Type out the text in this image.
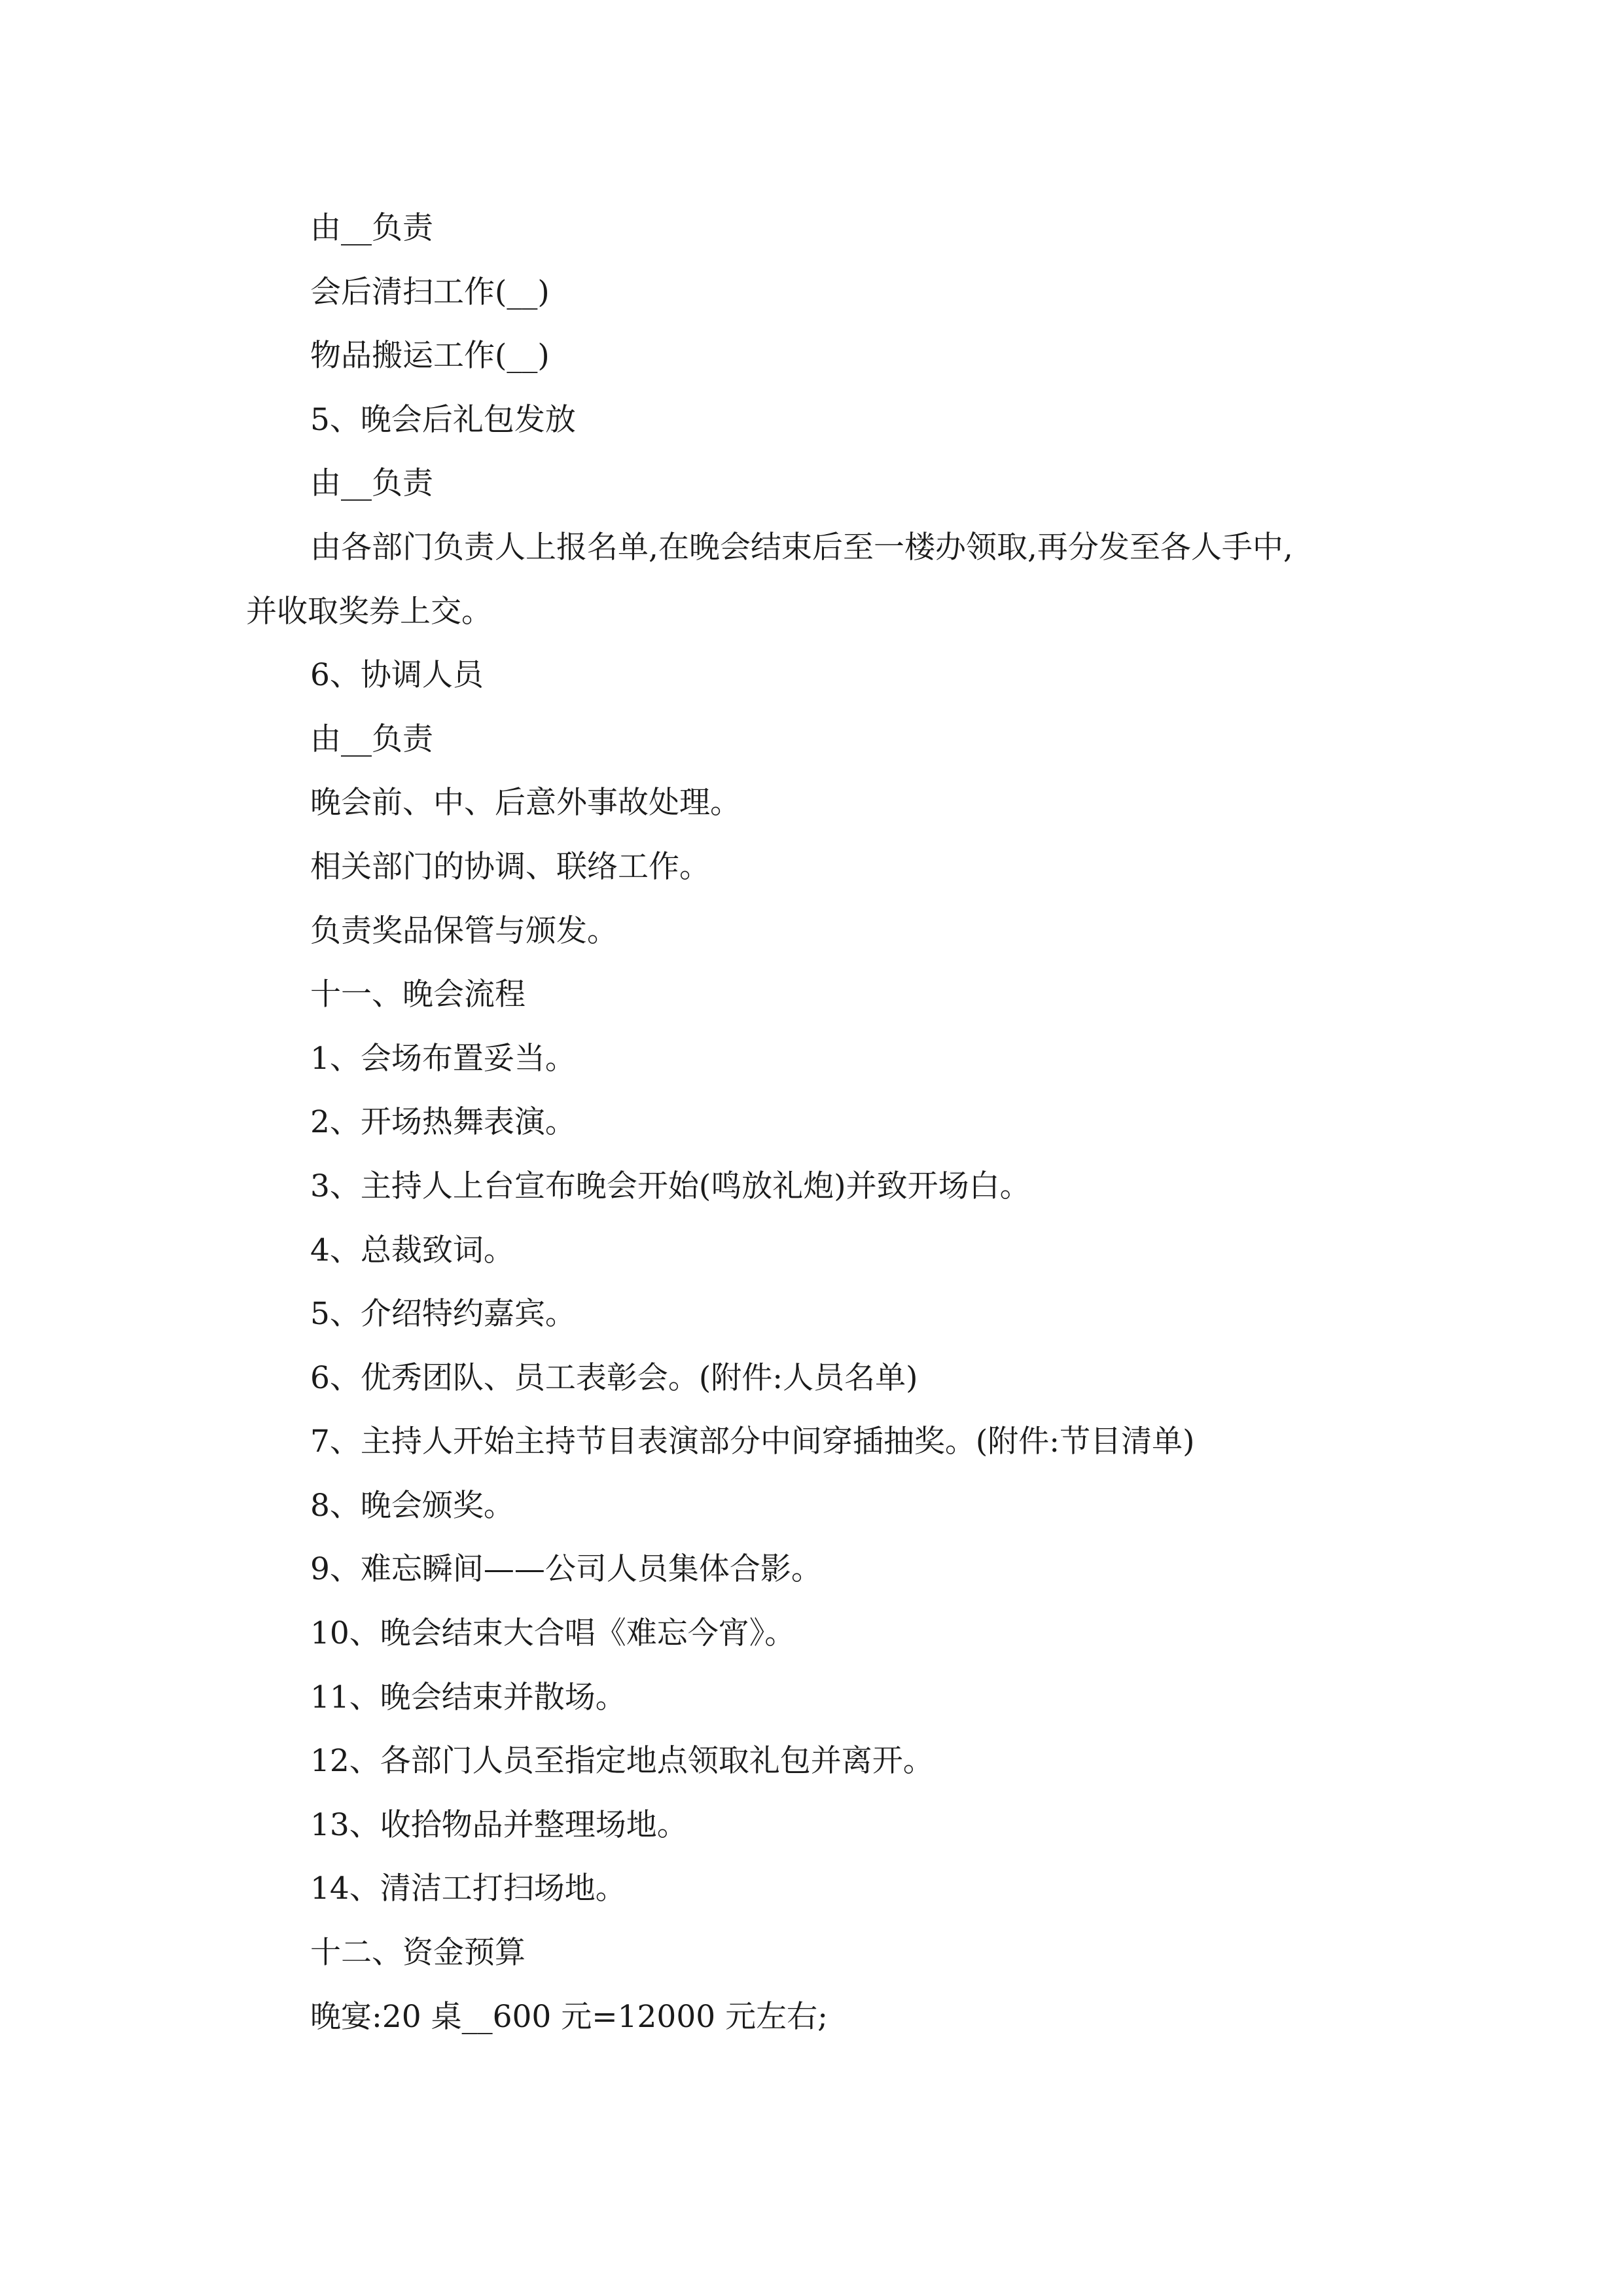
由__负责
会后清扫工作(__)
物品搬运工作(__)
5、晚会后礼包发放
由__负责
由各部门负责人上报名单,在晚会结束后至一楼办领取,再分发至各人手中,
并收取奖券上交。
6、协调人员
由__负责
晚会前、中、后意外事故处理。
相关部门的协调、联络工作。
负责奖品保管与颁发。
十一、晚会流程
1、会场布置妥当。
2、开场热舞表演。
3、主持人上台宣布晚会开始(鸣放礼炮)并致开场白。
4、总裁致词。
5、介绍特约嘉宾。
6、优秀团队、员工表彰会。(附件:人员名单)
7、主持人开始主持节目表演部分中间穿插抽奖。(附件:节目清单)
8、晚会颁奖。
9、难忘瞬间——公司人员集体合影。
10、晚会结束大合唱《难忘今宵》。
11、晚会结束并散场。
12、各部门人员至指定地点领取礼包并离开。
13、收拾物品并整理场地。
14、清洁工打扫场地。
十二、资金预算
晚宴:20 桌__600 元=12000 元左右;
